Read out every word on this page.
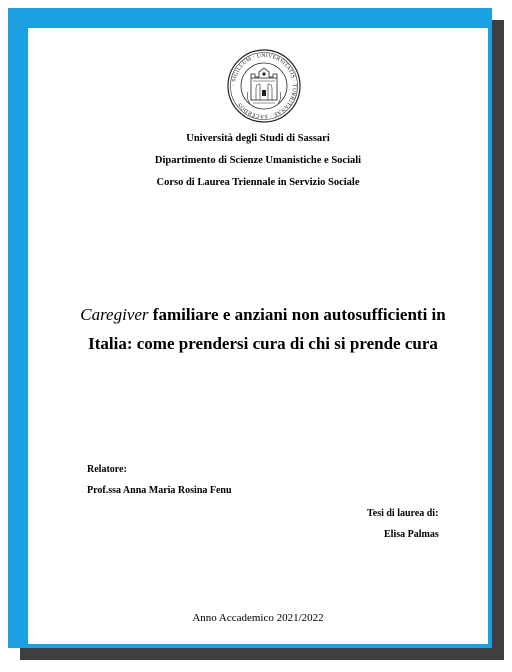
· SIGILLUM · UNIVERSITATIS · TURRITANAE · SACERDOS
Università degli Studi di Sassari
Dipartimento di Scienze Umanistiche e Sociali
Corso di Laurea Triennale in Servizio Sociale
Caregiver familiare e anziani non autosufficienti in
Italia: come prendersi cura di chi si prende cura
Relatore:
Prof.ssa Anna Maria Rosina Fenu
Tesi di laurea di:
Elisa Palmas
Anno Accademico 2021/2022
